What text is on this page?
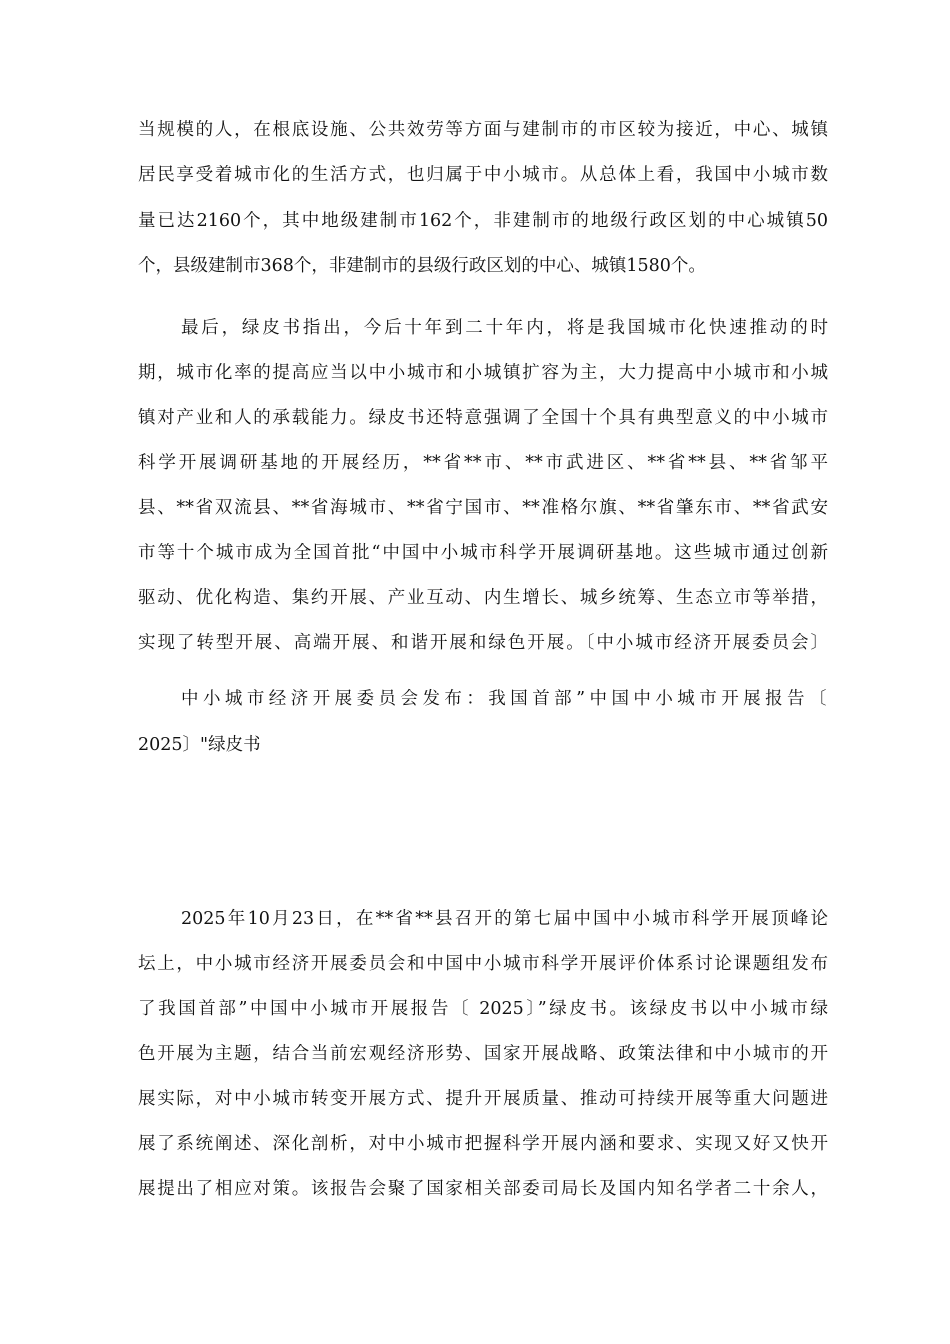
当规模的人，在根底设施、公共效劳等方面与建制市的市区较为接近，中心、城镇

居民享受着城市化的生活方式，也归属于中小城市。从总体上看，我国中小城市数

量已达2160个，其中地级建制市162个，非建制市的地级行政区划的中心城镇50

个，县级建制市368个，非建制市的县级行政区划的中心、城镇1580个。

最后，绿皮书指出，今后十年到二十年内，将是我国城市化快速推动的时

期，城市化率的提高应当以中小城市和小城镇扩容为主，大力提高中小城市和小城

镇对产业和人的承载能力。绿皮书还特意强调了全国十个具有典型意义的中小城市

科学开展调研基地的开展经历，**省**市、**市武进区、**省**县、**省邹平

县、**省双流县、**省海城市、**省宁国市、**准格尔旗、**省肇东市、**省武安

市等十个城市成为全国首批“中国中小城市科学开展调研基地。这些城市通过创新

驱动、优化构造、集约开展、产业互动、内生增长、城乡统筹、生态立市等举措，

实现了转型开展、高端开展、和谐开展和绿色开展。〔中小城市经济开展委员会〕

中小城市经济开展委员会发布：我国首部”中国中小城市开展报告〔

2025〕"绿皮书

2025年10月23日，在**省**县召开的第七届中国中小城市科学开展顶峰论

坛上，中小城市经济开展委员会和中国中小城市科学开展评价体系讨论课题组发布

了我国首部”中国中小城市开展报告〔 2025〕”绿皮书。该绿皮书以中小城市绿

色开展为主题，结合当前宏观经济形势、国家开展战略、政策法律和中小城市的开

展实际，对中小城市转变开展方式、提升开展质量、推动可持续开展等重大问题进

展了系统阐述、深化剖析，对中小城市把握科学开展内涵和要求、实现又好又快开

展提出了相应对策。该报告会聚了国家相关部委司局长及国内知名学者二十余人，
